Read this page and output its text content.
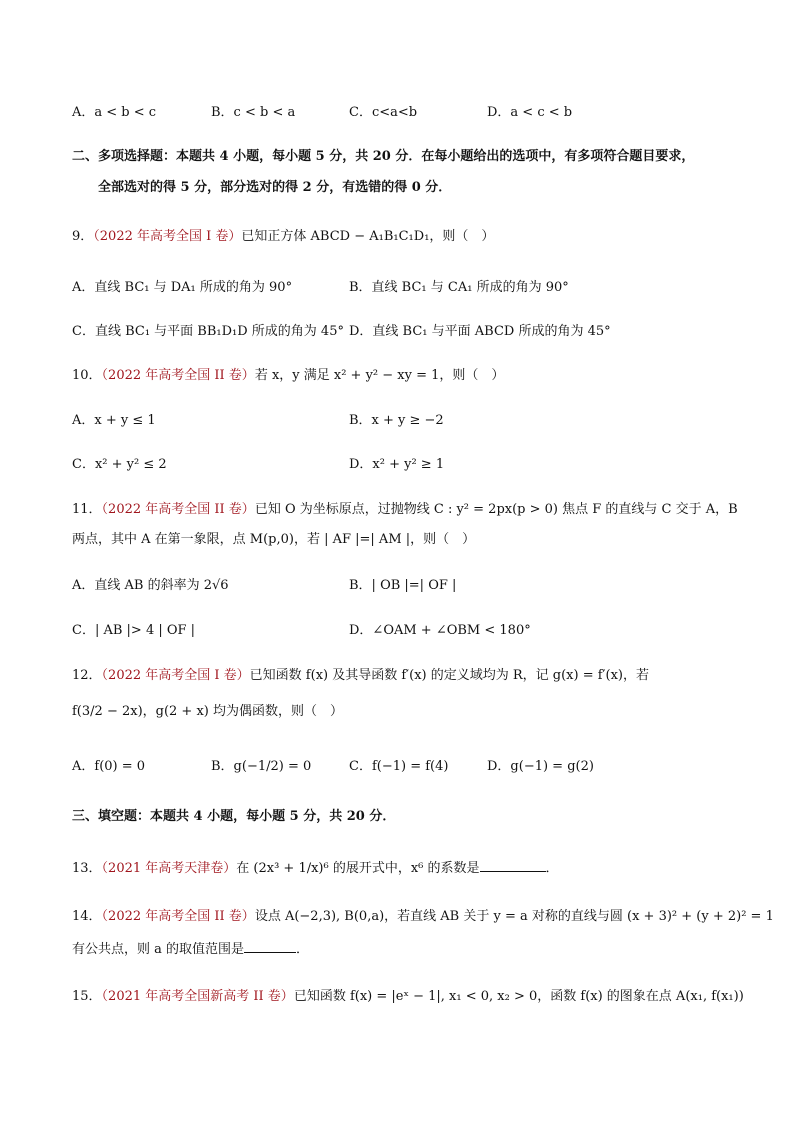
A．a < b < c	B．c < b < a	C．c<a<b	D．a < c < b
二、多项选择题：本题共 4 小题，每小题 5 分，共 20 分．在每小题给出的选项中，有多项符合题目要求，
全部选对的得 5 分，部分选对的得 2 分，有选错的得 0 分．
9．（2022 年高考全国 I 卷）已知正方体 ABCD − A₁B₁C₁D₁，则（　）
A．直线 BC₁ 与 DA₁ 所成的角为 90°	B．直线 BC₁ 与 CA₁ 所成的角为 90°
C．直线 BC₁ 与平面 BB₁D₁D 所成的角为 45° D．直线 BC₁ 与平面 ABCD 所成的角为 45°
10．（2022 年高考全国 II 卷）若 x，y 满足 x² + y² − xy = 1，则（　）
A．x + y ≤ 1	B．x + y ≥ −2
C．x² + y² ≤ 2	D．x² + y² ≥ 1
11．（2022 年高考全国 II 卷）已知 O 为坐标原点，过抛物线 C : y² = 2px(p > 0) 焦点 F 的直线与 C 交于 A，B
两点，其中 A 在第一象限，点 M(p,0)，若 | AF |=| AM |，则（　）
A．直线 AB 的斜率为 2√6	B．| OB |=| OF |
C．| AB |> 4 | OF |	D．∠OAM + ∠OBM < 180°
12．（2022 年高考全国 I 卷）已知函数 f(x) 及其导函数 f′(x) 的定义域均为 R，记 g(x) = f′(x)，若
f(3/2 − 2x)，g(2 + x) 均为偶函数，则（　）
A．f(0) = 0	B．g(−1/2) = 0	C．f(−1) = f(4)	D．g(−1) = g(2)
三、填空题：本题共 4 小题，每小题 5 分，共 20 分．
13．（2021 年高考天津卷）在 (2x³ + 1/x)⁶ 的展开式中，x⁶ 的系数是	．
14．（2022 年高考全国 II 卷）设点 A(−2,3), B(0,a)，若直线 AB 关于 y = a 对称的直线与圆 (x + 3)² + (y + 2)² = 1
有公共点，则 a 的取值范围是	．
15．（2021 年高考全国新高考 II 卷）已知函数 f(x) = |eˣ − 1|, x₁ < 0, x₂ > 0，函数 f(x) 的图象在点 A(x₁, f(x₁))
